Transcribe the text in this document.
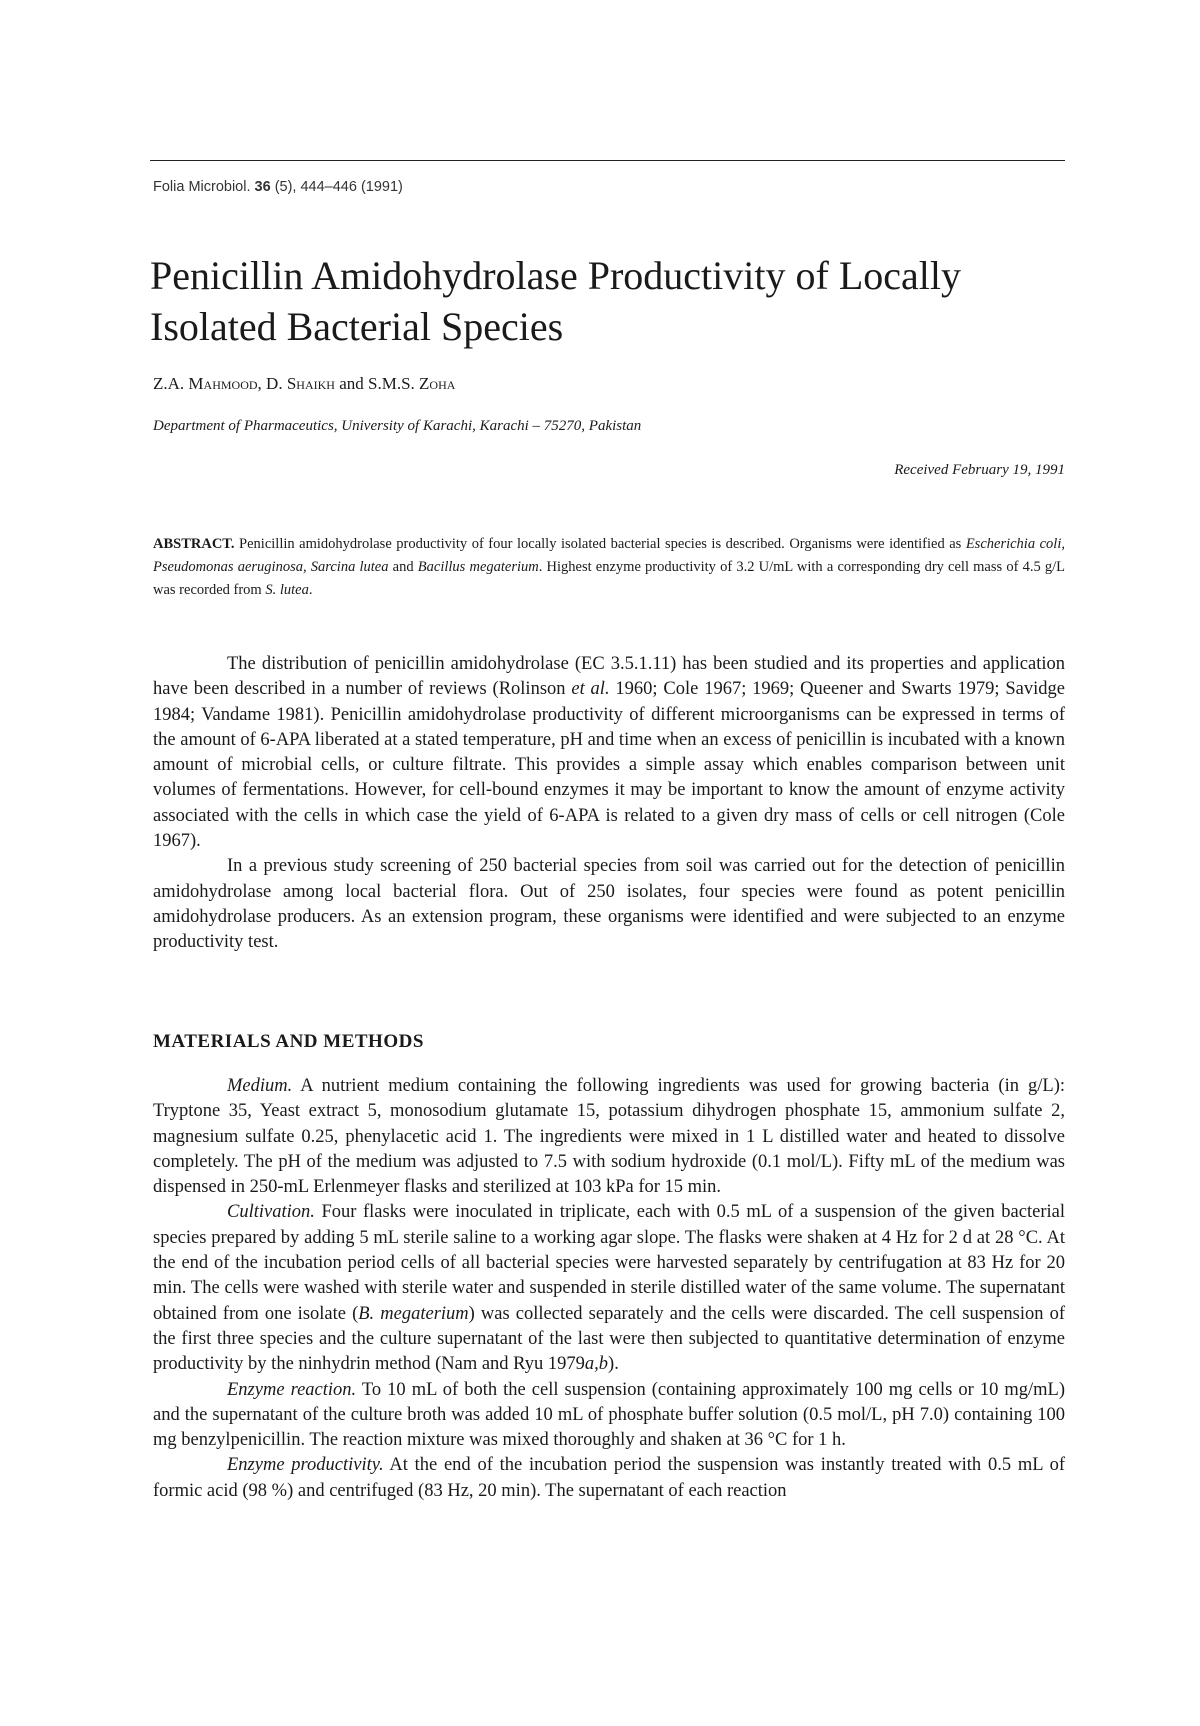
Folia Microbiol. 36 (5), 444–446 (1991)
Penicillin Amidohydrolase Productivity of Locally Isolated Bacterial Species
Z.A. Mahmood, D. Shaikh and S.M.S. Zoha
Department of Pharmaceutics, University of Karachi, Karachi – 75270, Pakistan
Received February 19, 1991

ABSTRACT. Penicillin amidohydrolase productivity of four locally isolated bacterial species is described. Organisms were identified as Escherichia coli, Pseudomonas aeruginosa, Sarcina lutea and Bacillus megaterium. Highest enzyme productivity of 3.2 U/mL with a corresponding dry cell mass of 4.5 g/L was recorded from S. lutea.

The distribution of penicillin amidohydrolase (EC 3.5.1.11) has been studied and its properties and application have been described in a number of reviews (Rolinson et al. 1960; Cole 1967; 1969; Queener and Swarts 1979; Savidge 1984; Vandame 1981). Penicillin amidohydrolase productivity of different microorganisms can be expressed in terms of the amount of 6-APA liberated at a stated temperature, pH and time when an excess of penicillin is incubated with a known amount of microbial cells, or culture filtrate. This provides a simple assay which enables comparison between unit volumes of fermentations. However, for cell-bound enzymes it may be important to know the amount of enzyme activity associated with the cells in which case the yield of 6-APA is related to a given dry mass of cells or cell nitrogen (Cole 1967).

In a previous study screening of 250 bacterial species from soil was carried out for the detection of penicillin amidohydrolase among local bacterial flora. Out of 250 isolates, four species were found as potent penicillin amidohydrolase producers. As an extension program, these organisms were identified and were subjected to an enzyme productivity test.

MATERIALS AND METHODS

Medium. A nutrient medium containing the following ingredients was used for growing bacteria (in g/L): Tryptone 35, Yeast extract 5, monosodium glutamate 15, potassium dihydrogen phosphate 15, ammonium sulfate 2, magnesium sulfate 0.25, phenylacetic acid 1. The ingredients were mixed in 1 L distilled water and heated to dissolve completely. The pH of the medium was adjusted to 7.5 with sodium hydroxide (0.1 mol/L). Fifty mL of the medium was dispensed in 250-mL Erlenmeyer flasks and sterilized at 103 kPa for 15 min.

Cultivation. Four flasks were inoculated in triplicate, each with 0.5 mL of a suspension of the given bacterial species prepared by adding 5 mL sterile saline to a working agar slope. The flasks were shaken at 4 Hz for 2 d at 28 °C. At the end of the incubation period cells of all bacterial species were harvested separately by centrifugation at 83 Hz for 20 min. The cells were washed with sterile water and suspended in sterile distilled water of the same volume. The supernatant obtained from one isolate (B. megaterium) was collected separately and the cells were discarded. The cell suspension of the first three species and the culture supernatant of the last were then subjected to quantitative determination of enzyme productivity by the ninhydrin method (Nam and Ryu 1979a,b).

Enzyme reaction. To 10 mL of both the cell suspension (containing approximately 100 mg cells or 10 mg/mL) and the supernatant of the culture broth was added 10 mL of phosphate buffer solution (0.5 mol/L, pH 7.0) containing 100 mg benzylpenicillin. The reaction mixture was mixed thoroughly and shaken at 36 °C for 1 h.

Enzyme productivity. At the end of the incubation period the suspension was instantly treated with 0.5 mL of formic acid (98 %) and centrifuged (83 Hz, 20 min). The supernatant of each reaction
